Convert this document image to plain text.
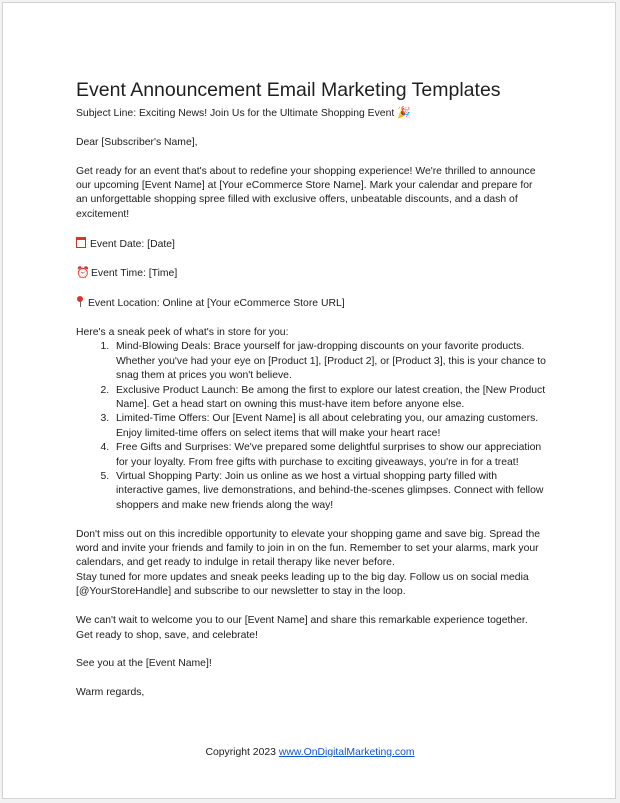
Event Announcement Email Marketing Templates

Subject Line: Exciting News! Join Us for the Ultimate Shopping Event 🎉

Dear [Subscriber's Name],

Get ready for an event that's about to redefine your shopping experience! We're thrilled to announce our upcoming [Event Name] at [Your eCommerce Store Name]. Mark your calendar and prepare for an unforgettable shopping spree filled with exclusive offers, unbeatable discounts, and a dash of excitement!

Event Date: [Date]

⏰Event Time: [Time]

Event Location: Online at [Your eCommerce Store URL]

Here's a sneak peek of what's in store for you:

1. Mind-Blowing Deals: Brace yourself for jaw-dropping discounts on your favorite products. Whether you've had your eye on [Product 1], [Product 2], or [Product 3], this is your chance to snag them at prices you won't believe.
2. Exclusive Product Launch: Be among the first to explore our latest creation, the [New Product Name]. Get a head start on owning this must-have item before anyone else.
3. Limited-Time Offers: Our [Event Name] is all about celebrating you, our amazing customers. Enjoy limited-time offers on select items that will make your heart race!
4. Free Gifts and Surprises: We've prepared some delightful surprises to show our appreciation for your loyalty. From free gifts with purchase to exciting giveaways, you're in for a treat!
5. Virtual Shopping Party: Join us online as we host a virtual shopping party filled with interactive games, live demonstrations, and behind-the-scenes glimpses. Connect with fellow shoppers and make new friends along the way!

Don't miss out on this incredible opportunity to elevate your shopping game and save big. Spread the word and invite your friends and family to join in on the fun. Remember to set your alarms, mark your calendars, and get ready to indulge in retail therapy like never before.

Stay tuned for more updates and sneak peeks leading up to the big day. Follow us on social media [@YourStoreHandle] and subscribe to our newsletter to stay in the loop.

We can't wait to welcome you to our [Event Name] and share this remarkable experience together. Get ready to shop, save, and celebrate!

See you at the [Event Name]!

Warm regards,

Copyright 2023 www.OnDigitalMarketing.com
